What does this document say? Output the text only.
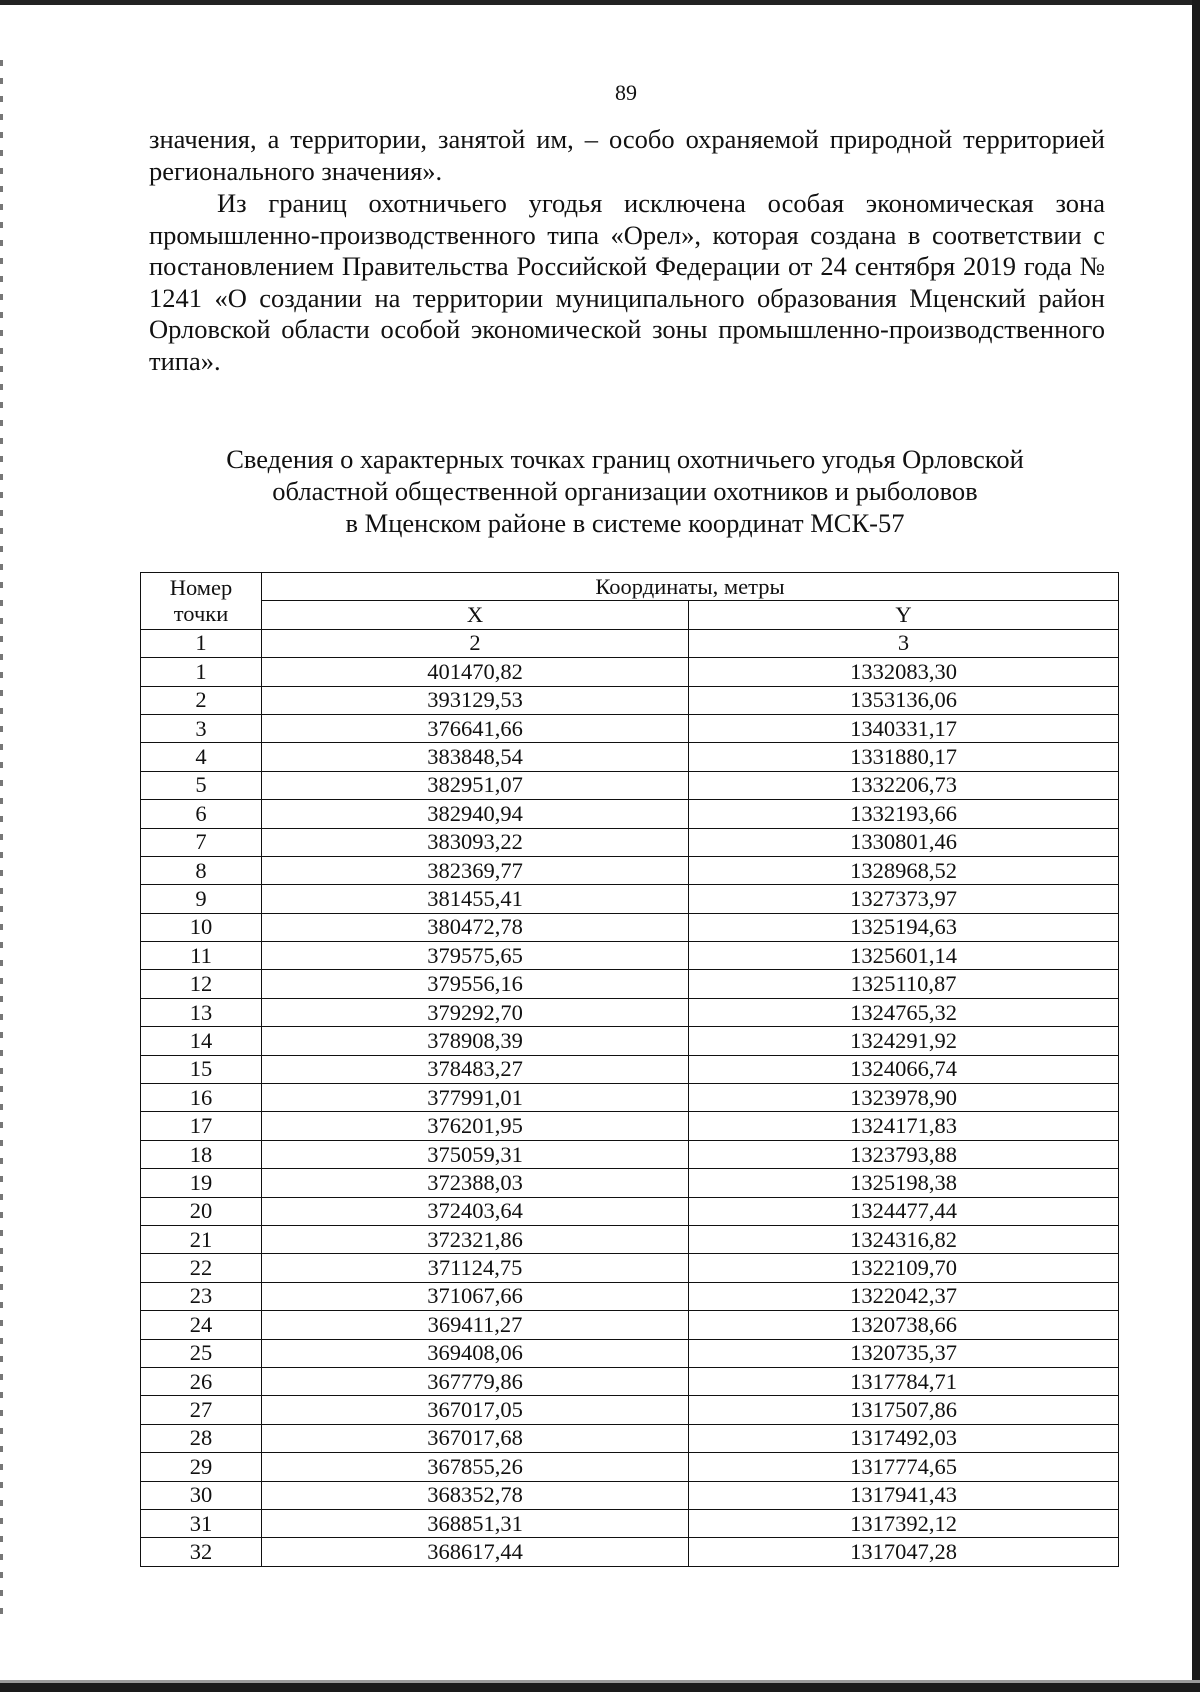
89

значения, а территории, занятой им, – особо охраняемой природной территорией регионального значения».

Из границ охотничьего угодья исключена особая экономическая зона промышленно-производственного типа «Орел», которая создана в соответствии с постановлением Правительства Российской Федерации от 24 сентября 2019 года № 1241 «О создании на территории муниципального образования Мценский район Орловской области особой экономической зоны промышленно-производственного типа».

Сведения о характерных точках границ охотничьего угодья Орловской
областной общественной организации охотников и рыболовов
в Мценском районе в системе координат МСК-57
Номер точки	Координаты, метры	
	X	Y
1	2	3
1	401470,82	1332083,30
2	393129,53	1353136,06
3	376641,66	1340331,17
4	383848,54	1331880,17
5	382951,07	1332206,73
6	382940,94	1332193,66
7	383093,22	1330801,46
8	382369,77	1328968,52
9	381455,41	1327373,97
10	380472,78	1325194,63
11	379575,65	1325601,14
12	379556,16	1325110,87
13	379292,70	1324765,32
14	378908,39	1324291,92
15	378483,27	1324066,74
16	377991,01	1323978,90
17	376201,95	1324171,83
18	375059,31	1323793,88
19	372388,03	1325198,38
20	372403,64	1324477,44
21	372321,86	1324316,82
22	371124,75	1322109,70
23	371067,66	1322042,37
24	369411,27	1320738,66
25	369408,06	1320735,37
26	367779,86	1317784,71
27	367017,05	1317507,86
28	367017,68	1317492,03
29	367855,26	1317774,65
30	368352,78	1317941,43
31	368851,31	1317392,12
32	368617,44	1317047,28
